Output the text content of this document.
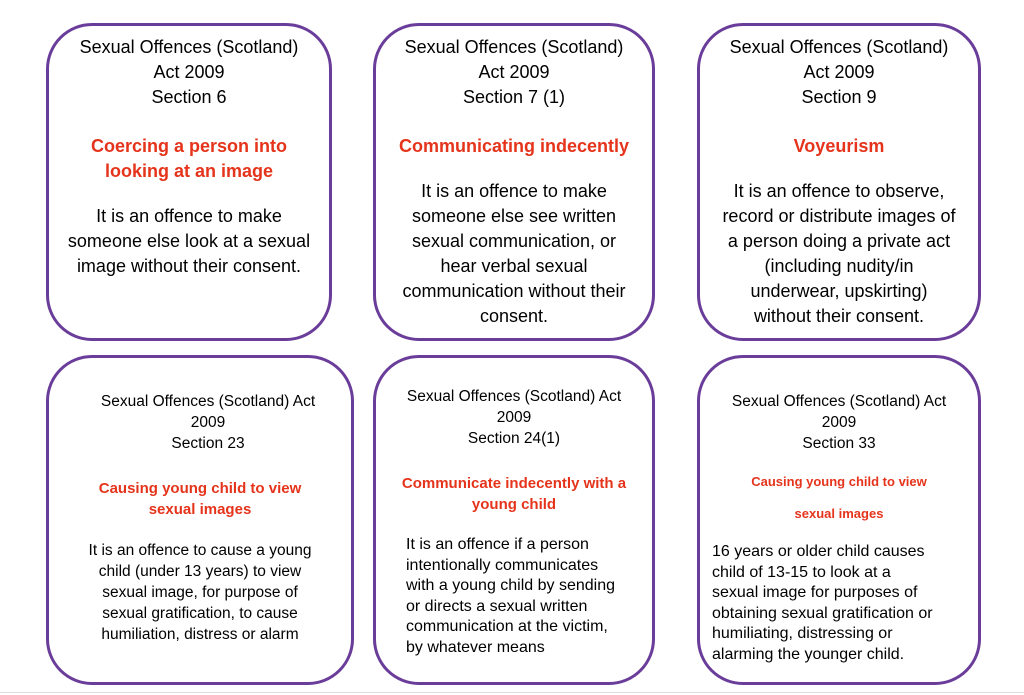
Sexual Offences (Scotland)
Act 2009
Section 6
Coercing a person into
looking at an image
It is an offence to make
someone else look at a sexual
image without their consent.
Sexual Offences (Scotland)
Act 2009
Section 7 (1)
Communicating indecently
It is an offence to make
someone else see written
sexual communication, or
hear verbal sexual
communication without their
consent.
Sexual Offences (Scotland)
Act 2009
Section 9
Voyeurism
It is an offence to observe,
record or distribute images of
a person doing a private act
(including nudity/in
underwear, upskirting)
without their consent.
Sexual Offences (Scotland) Act
2009
Section 23
Causing young child to view
sexual images
It is an offence to cause a young
child (under 13 years) to view
sexual image, for purpose of
sexual gratification, to cause
humiliation, distress or alarm
Sexual Offences (Scotland) Act
2009
Section 24(1)
Communicate indecently with a
young child
It is an offence if a person
intentionally communicates
with a young child by sending
or directs a sexual written
communication at the victim,
by whatever means
Sexual Offences (Scotland) Act
2009
Section 33
Causing young child to view
sexual images
16 years or older child causes
child of 13-15 to look at a
sexual image for purposes of
obtaining sexual gratification or
humiliating, distressing or
alarming the younger child.
